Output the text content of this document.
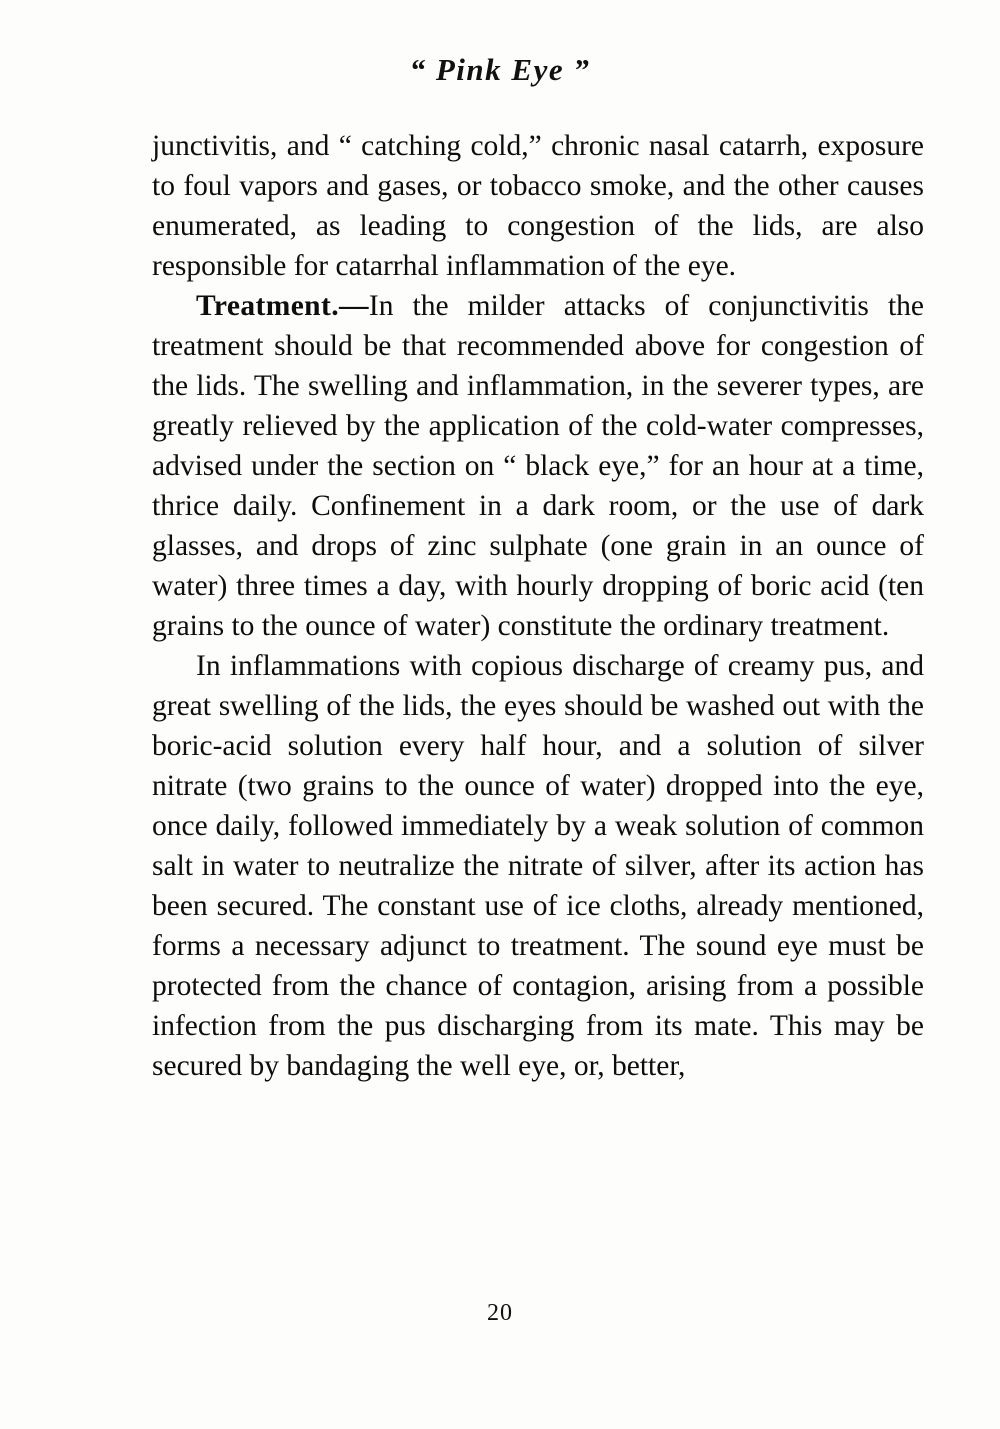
“ Pink Eye ”

junctivitis, and “ catching cold,” chronic nasal catarrh, exposure to foul vapors and gases, or tobacco smoke, and the other causes enumerated, as leading to congestion of the lids, are also responsible for catarrhal inflammation of the eye.

Treatment.—In the milder attacks of conjunctivitis the treatment should be that recommended above for congestion of the lids. The swelling and inflammation, in the severer types, are greatly relieved by the application of the cold-water compresses, advised under the section on “ black eye,” for an hour at a time, thrice daily. Confinement in a dark room, or the use of dark glasses, and drops of zinc sulphate (one grain in an ounce of water) three times a day, with hourly dropping of boric acid (ten grains to the ounce of water) constitute the ordinary treatment.

In inflammations with copious discharge of creamy pus, and great swelling of the lids, the eyes should be washed out with the boric-acid solution every half hour, and a solution of silver nitrate (two grains to the ounce of water) dropped into the eye, once daily, followed immediately by a weak solution of common salt in water to neutralize the nitrate of silver, after its action has been secured. The constant use of ice cloths, already mentioned, forms a necessary adjunct to treatment. The sound eye must be protected from the chance of contagion, arising from a possible infection from the pus discharging from its mate. This may be secured by bandaging the well eye, or, better,

20
